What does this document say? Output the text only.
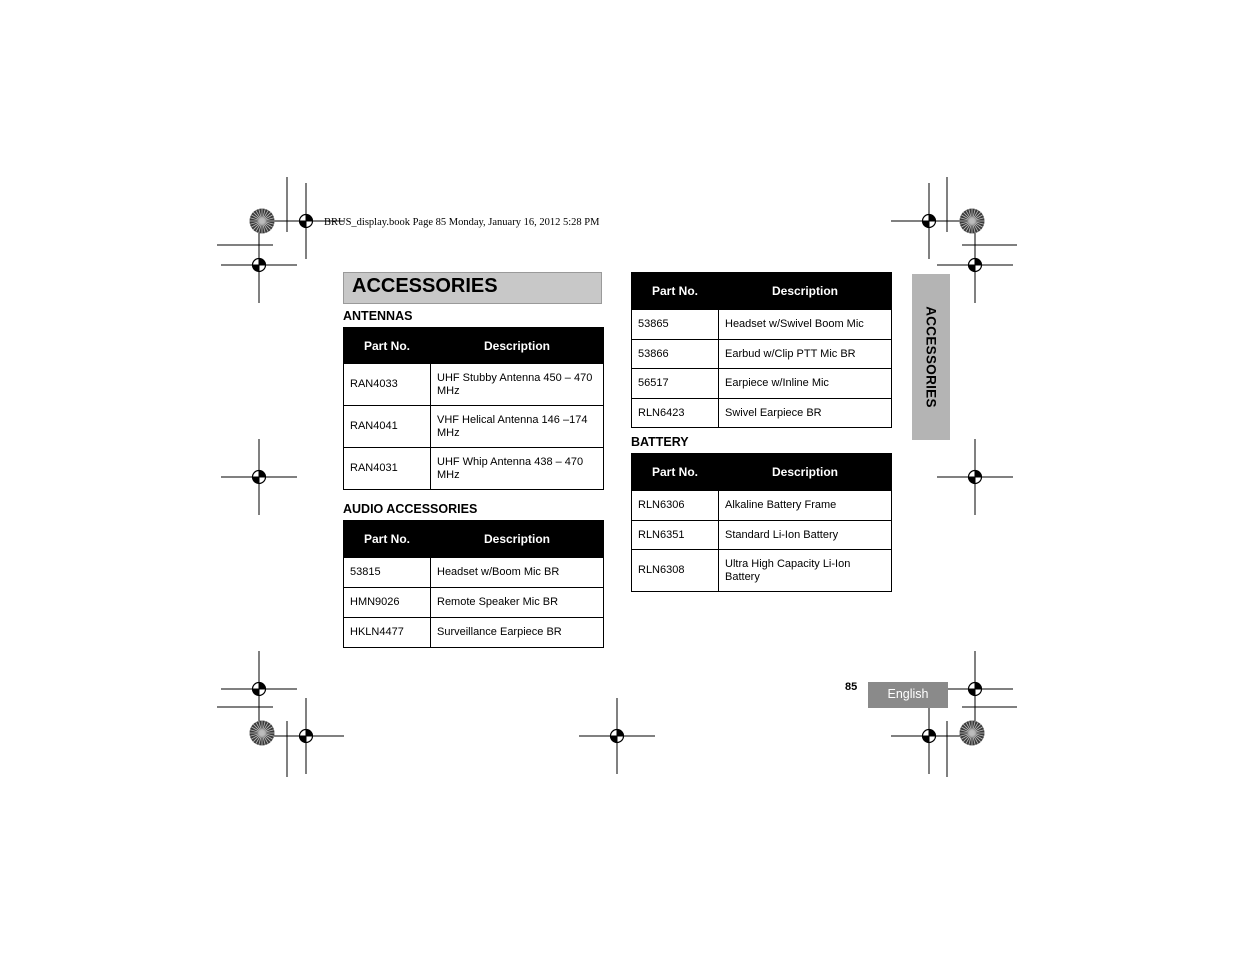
BRUS_display.book Page 85 Monday, January 16, 2012 5:28 PM
ACCESSORIES
ANTENNAS
Part No.	Description
RAN4033	UHF Stubby Antenna 450 – 470 MHz
RAN4041	VHF Helical Antenna 146 –174 MHz
RAN4031	UHF Whip Antenna 438 – 470 MHz
AUDIO ACCESSORIES
Part No.	Description
53815	Headset w/Boom Mic BR
HMN9026	Remote Speaker Mic BR
HKLN4477	Surveillance Earpiece BR
Part No.	Description
53865	Headset w/Swivel Boom Mic
53866	Earbud w/Clip PTT Mic BR
56517	Earpiece w/Inline Mic
RLN6423	Swivel Earpiece BR
BATTERY
Part No.	Description
RLN6306	Alkaline Battery Frame
RLN6351	Standard Li-Ion Battery
RLN6308	Ultra High Capacity Li-Ion Battery
ACCESSORIES
85	English
